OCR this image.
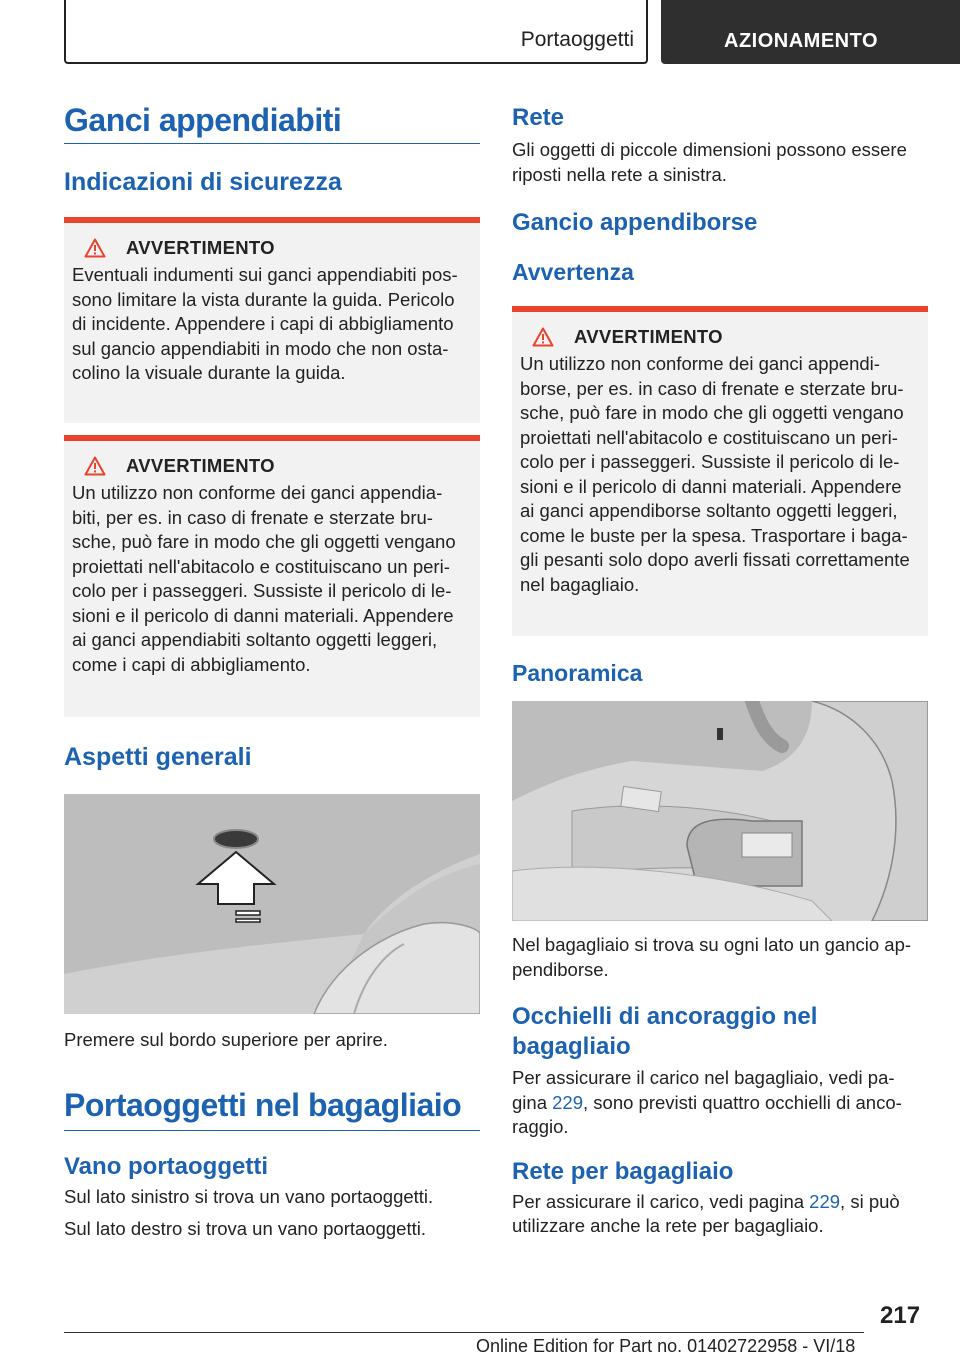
Portaoggetti	AZIONAMENTO
Ganci appendiabiti
Indicazioni di sicurezza
AVVERTIMENTO

Eventuali indumenti sui ganci appendiabiti pos-

sono limitare la vista durante la guida. Pericolo

di incidente. Appendere i capi di abbigliamento

sul gancio appendiabiti in modo che non osta-

colino la visuale durante la guida.

AVVERTIMENTO

Un utilizzo non conforme dei ganci appendia-

biti, per es. in caso di frenate e sterzate bru-

sche, può fare in modo che gli oggetti vengano

proiettati nell'abitacolo e costituiscano un peri-

colo per i passeggeri. Sussiste il pericolo di le-

sioni e il pericolo di danni materiali. Appendere

ai ganci appendiabiti soltanto oggetti leggeri,

come i capi di abbigliamento.

Aspetti generali

Premere sul bordo superiore per aprire.

Portaoggetti nel bagagliaio
Vano portaoggetti

Sul lato sinistro si trova un vano portaoggetti.

Sul lato destro si trova un vano portaoggetti.

Rete

Gli oggetti di piccole dimensioni possono essere

riposti nella rete a sinistra.

Gancio appendiborse
Avvertenza
AVVERTIMENTO

Un utilizzo non conforme dei ganci appendi-

borse, per es. in caso di frenate e sterzate bru-

sche, può fare in modo che gli oggetti vengano

proiettati nell'abitacolo e costituiscano un peri-

colo per i passeggeri. Sussiste il pericolo di le-

sioni e il pericolo di danni materiali. Appendere

ai ganci appendiborse soltanto oggetti leggeri,

come le buste per la spesa. Trasportare i baga-

gli pesanti solo dopo averli fissati correttamente

nel bagagliaio.

Panoramica

Nel bagagliaio si trova su ogni lato un gancio ap-

pendiborse.

Occhielli di ancoraggio nel bagagliaio

Per assicurare il carico nel bagagliaio, vedi pa-

gina 229, sono previsti quattro occhielli di anco-

raggio.

Rete per bagagliaio

Per assicurare il carico, vedi pagina 229, si può

utilizzare anche la rete per bagagliaio.

217
Online Edition for Part no. 01402722958 - VI/18
